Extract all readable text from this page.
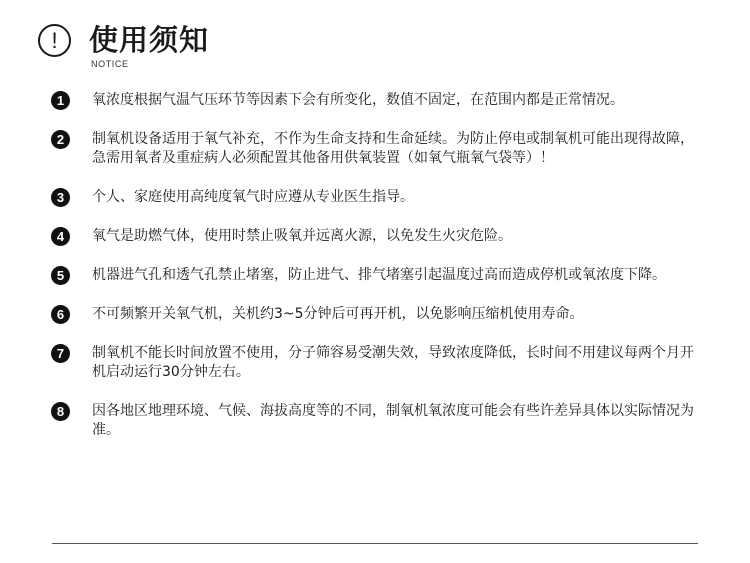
!	使用须知
NOTICE
1	氧浓度根据气温气压环节等因素下会有所变化，数值不固定，在范围内都是正常情况。
2	制氧机设备适用于氧气补充，不作为生命支持和生命延续。为防止停电或制氧机可能出现得故障，急需用氧者及重症病人必须配置其他备用供氧装置（如氧气瓶氧气袋等）！
3	个人、家庭使用高纯度氧气时应遵从专业医生指导。
4	氧气是助燃气体，使用时禁止吸氧并远离火源，以免发生火灾危险。
5	机器进气孔和透气孔禁止堵塞，防止进气、排气堵塞引起温度过高而造成停机或氧浓度下降。
6	不可频繁开关氧气机，关机约3~5分钟后可再开机，以免影响压缩机使用寿命。
7	制氧机不能长时间放置不使用，分子筛容易受潮失效，导致浓度降低，长时间不用建议每两个月开机启动运行30分钟左右。
8	因各地区地理环境、气候、海拔高度等的不同，制氧机氧浓度可能会有些许差异具体以实际情况为准。
